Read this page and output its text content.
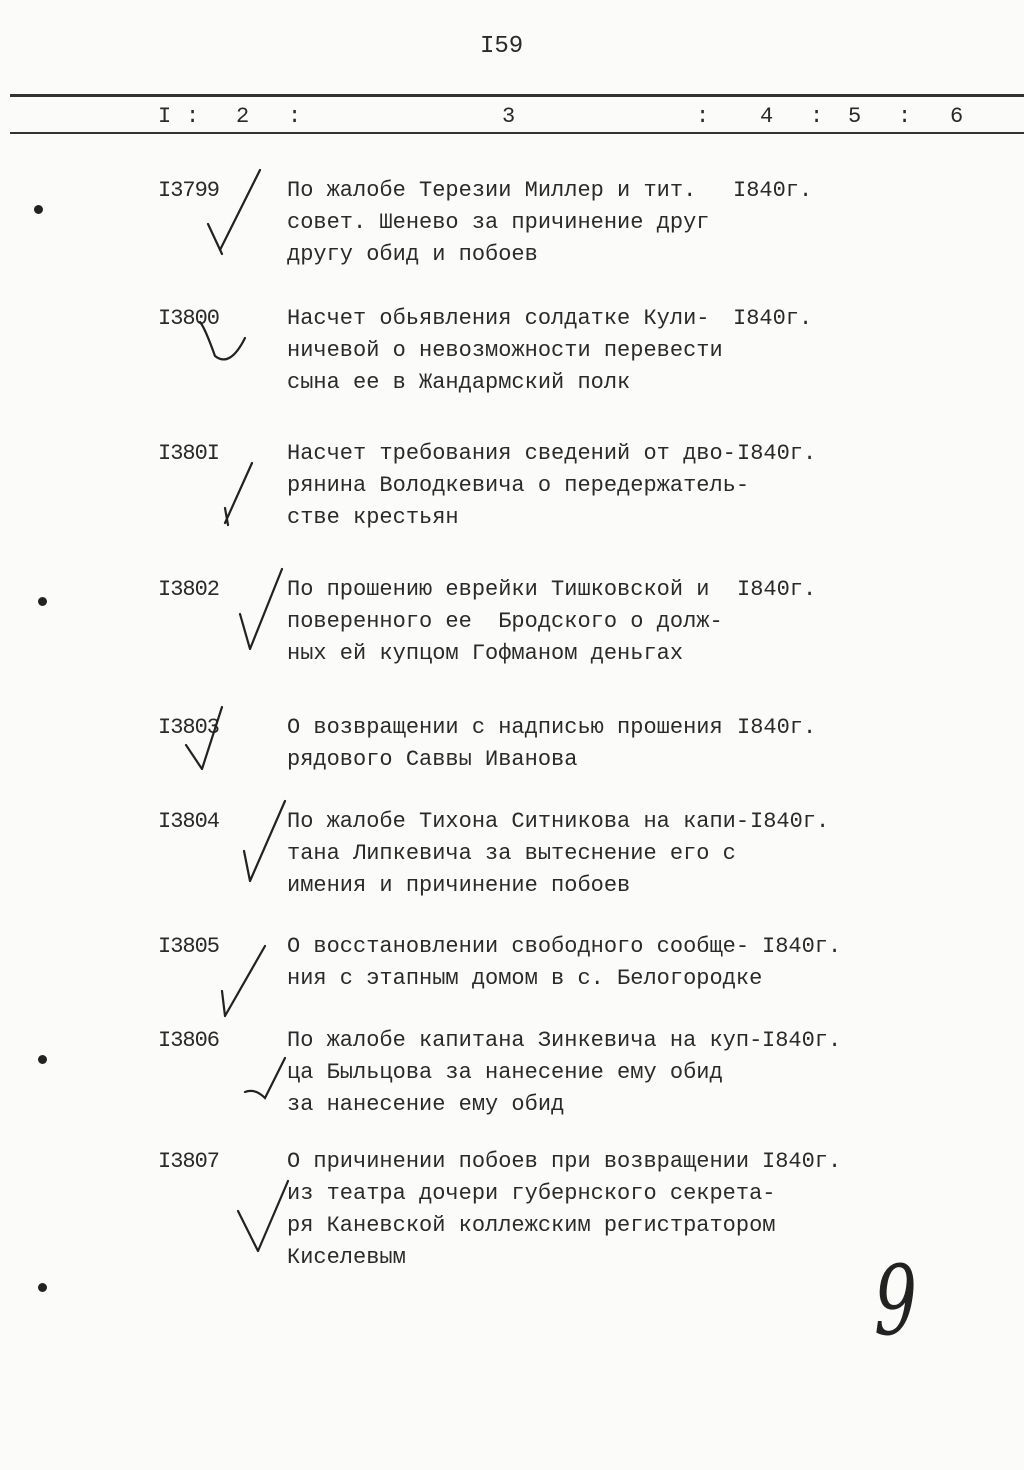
I59
I : 2 :	3	: 4 : 5 : 6
I3799	По жалобе Терезии Миллер и тит.
совет. Шенево за причинение друг
другу обид и побоев
I840г.
I3800	Насчет обьявления солдатке Кули-
ничевой о невозможности перевести
сына ее в Жандармский полк
I840г.
I380I	Насчет требования сведений от дво-
рянина Володкевича о передержатель-
стве крестьян
I840г.
I3802	По прошению еврейки Тишковской и
поверенного ее  Бродского о долж-
ных ей купцом Гофманом деньгах
I840г.
I3803	О возвращении с надписью прошения
рядового Саввы Иванова
I840г.
I3804	По жалобе Тихона Ситникова на капи-
тана Липкевича за вытеснение его с
имения и причинение побоев
I840г.
I3805	О восстановлении свободного сообще-
ния с этапным домом в с. Белогородке
I840г.
I3806	По жалобе капитана Зинкевича на куп-
ца Быльцова за нанесение ему обид
за нанесение ему обид
I840г.
I3807	О причинении побоев при возвращении
из театра дочери губернского секрета-
ря Каневской коллежским регистратором
Киселевым
I840г.
9
